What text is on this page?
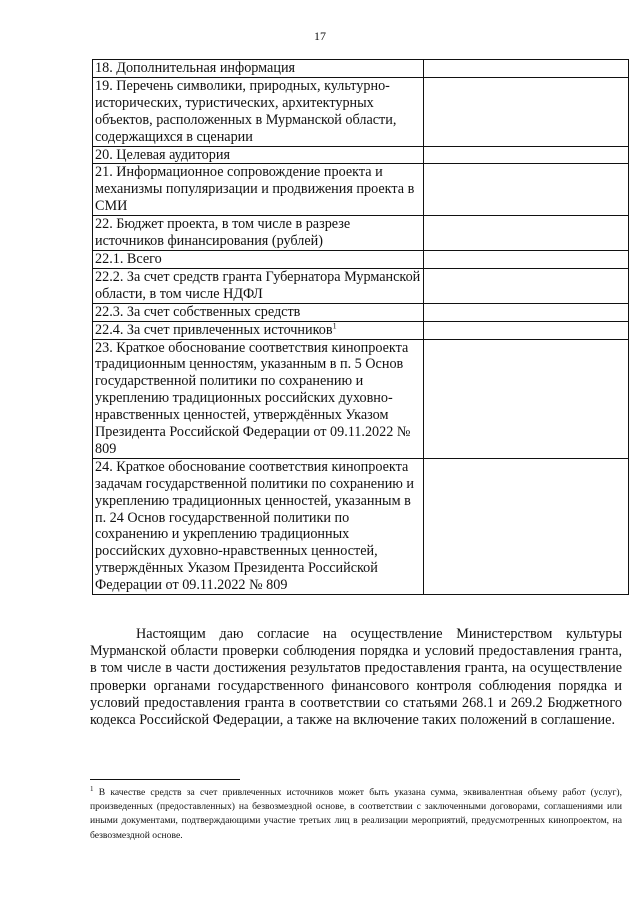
17
18. Дополнительная информация	
19. Перечень символики, природных, культурно-исторических, туристических, архитектурных объектов, расположенных в Мурманской области, содержащихся в сценарии	
20. Целевая аудитория	
21. Информационное сопровождение проекта и механизмы популяризации и продвижения проекта в СМИ	
22. Бюджет проекта, в том числе в разрезе источников финансирования (рублей)	
22.1. Всего	
22.2. За счет средств гранта Губернатора Мурманской области, в том числе НДФЛ	
22.3. За счет собственных средств	
22.4. За счет привлеченных источников$^1$	
23. Краткое обоснование соответствия кинопроекта традиционным ценностям, указанным в п. 5 Основ государственной политики по сохранению и укреплению традиционных российских духовно-нравственных ценностей, утверждённых Указом Президента Российской Федерации от 09.11.2022 № 809	
24. Краткое обоснование соответствия кинопроекта задачам государственной политики по сохранению и укреплению традиционных ценностей, указанным в п. 24 Основ государственной политики по сохранению и укреплению традиционных российских духовно-нравственных ценностей, утверждённых Указом Президента Российской Федерации от 09.11.2022 № 809	

Настоящим даю согласие на осуществление Министерством культуры Мурманской области проверки соблюдения порядка и условий предоставления гранта, в том числе в части достижения результатов предоставления гранта, на осуществление проверки органами государственного финансового контроля соблюдения порядка и условий предоставления гранта в соответствии со статьями 268.1 и 269.2 Бюджетного кодекса Российской Федерации, а также на включение таких положений в соглашение.

$^1$ В качестве средств за счет привлеченных источников может быть указана сумма, эквивалентная объему работ (услуг), произведенных (предоставленных) на безвозмездной основе, в соответствии с заключенными договорами, соглашениями или иными документами, подтверждающими участие третьих лиц в реализации мероприятий, предусмотренных кинопроектом, на безвозмездной основе.
